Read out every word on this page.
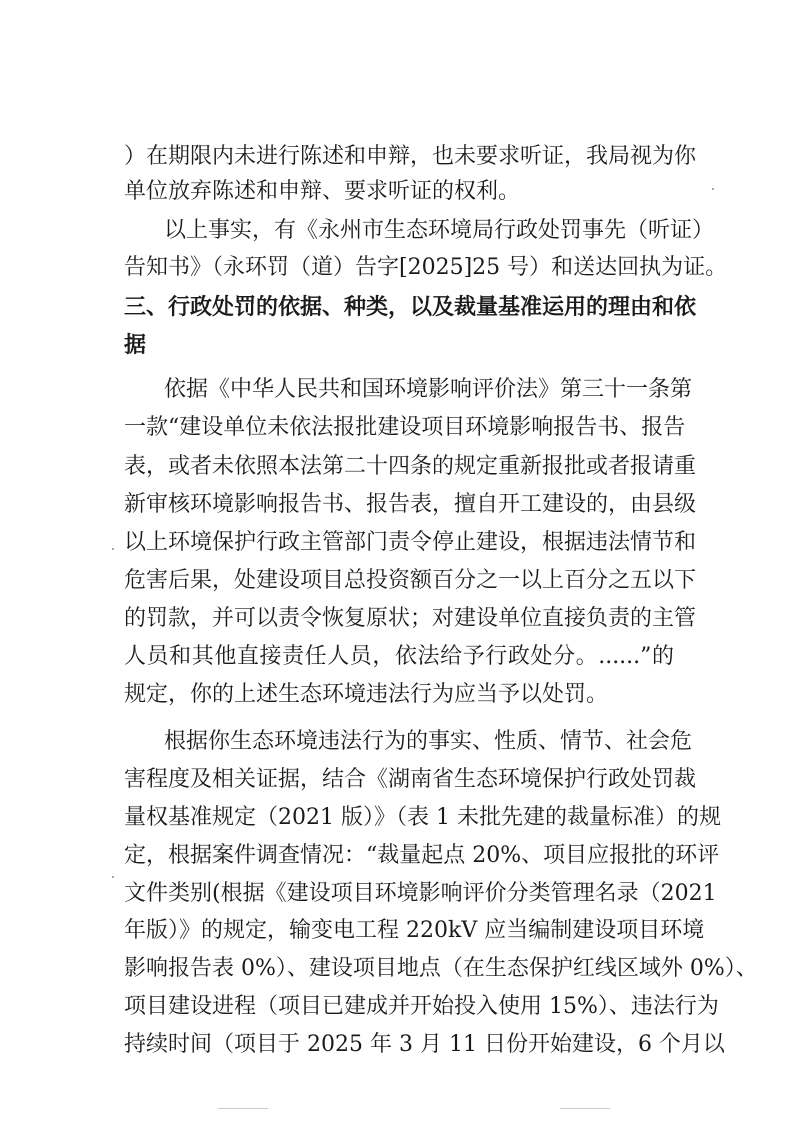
）在期限内未进行陈述和申辩，也未要求听证，我局视为你
单位放弃陈述和申辩、要求听证的权利。
以上事实，有《永州市生态环境局行政处罚事先（听证）
告知书》（永环罚（道）告字[2025]25 号）和送达回执为证。
三、行政处罚的依据、种类，以及裁量基准运用的理由和依
据
依据《中华人民共和国环境影响评价法》第三十一条第
一款“建设单位未依法报批建设项目环境影响报告书、报告
表，或者未依照本法第二十四条的规定重新报批或者报请重
新审核环境影响报告书、报告表，擅自开工建设的，由县级
以上环境保护行政主管部门责令停止建设，根据违法情节和
危害后果，处建设项目总投资额百分之一以上百分之五以下
的罚款，并可以责令恢复原状；对建设单位直接负责的主管
人员和其他直接责任人员，依法给予行政处分。......”的
规定，你的上述生态环境违法行为应当予以处罚。
根据你生态环境违法行为的事实、性质、情节、社会危
害程度及相关证据，结合《湖南省生态环境保护行政处罚裁
量权基准规定（2021 版）》（表 1 未批先建的裁量标准）的规
定，根据案件调查情况：“裁量起点 20%、项目应报批的环评
文件类别(根据《建设项目环境影响评价分类管理名录（2021
年版）》的规定，输变电工程 220kV 应当编制建设项目环境
影响报告表 0%）、建设项目地点（在生态保护红线区域外 0%）、
项目建设进程（项目已建成并开始投入使用 15%）、违法行为
持续时间（项目于 2025 年 3 月 11 日份开始建设，6 个月以
